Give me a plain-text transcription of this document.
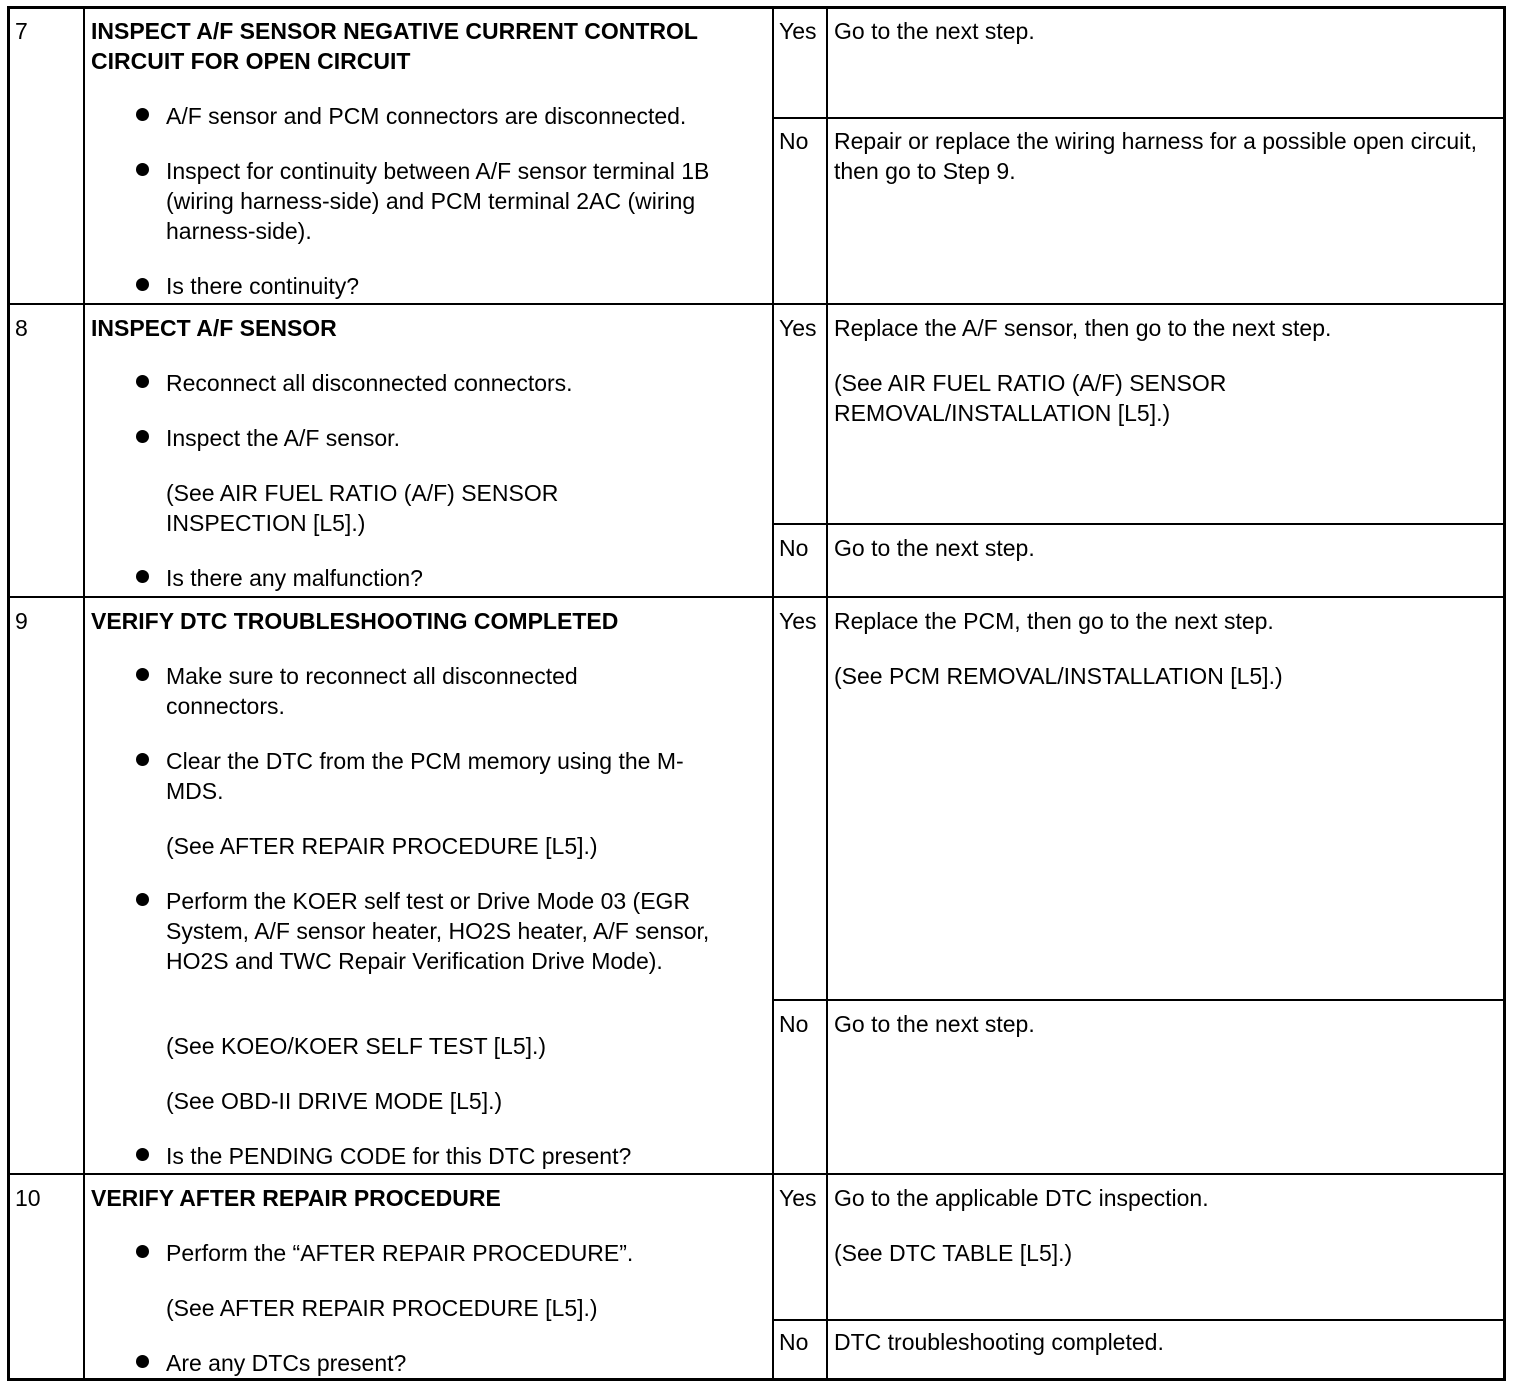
7	INSPECT A/F SENSOR NEGATIVE CURRENT CONTROL CIRCUIT FOR OPEN CIRCUIT
A/F sensor and PCM connectors are disconnected.
Inspect for continuity between A/F sensor terminal 1B (wiring harness-side) and PCM terminal 2AC (wiring harness-side).
Is there continuity?
Yes Go to the next step.
No Repair or replace the wiring harness for a possible open circuit, then go to Step 9.
8	INSPECT A/F SENSOR
Reconnect all disconnected connectors.
Inspect the A/F sensor.
(See AIR FUEL RATIO (A/F) SENSOR INSPECTION [L5].)
Is there any malfunction?
Yes Replace the A/F sensor, then go to the next step.
(See AIR FUEL RATIO (A/F) SENSOR REMOVAL/INSTALLATION [L5].)
No Go to the next step.
9	VERIFY DTC TROUBLESHOOTING COMPLETED
Make sure to reconnect all disconnected connectors.
Clear the DTC from the PCM memory using the M-MDS.
(See AFTER REPAIR PROCEDURE [L5].)
Perform the KOER self test or Drive Mode 03 (EGR System, A/F sensor heater, HO2S heater, A/F sensor, HO2S and TWC Repair Verification Drive Mode).
(See KOEO/KOER SELF TEST [L5].)
(See OBD-II DRIVE MODE [L5].)
Is the PENDING CODE for this DTC present?
Yes Replace the PCM, then go to the next step.
(See PCM REMOVAL/INSTALLATION [L5].)
No Go to the next step.
10 VERIFY AFTER REPAIR PROCEDURE
Perform the “AFTER REPAIR PROCEDURE”.
(See AFTER REPAIR PROCEDURE [L5].)
Are any DTCs present?
Yes Go to the applicable DTC inspection.
(See DTC TABLE [L5].)
No DTC troubleshooting completed.
